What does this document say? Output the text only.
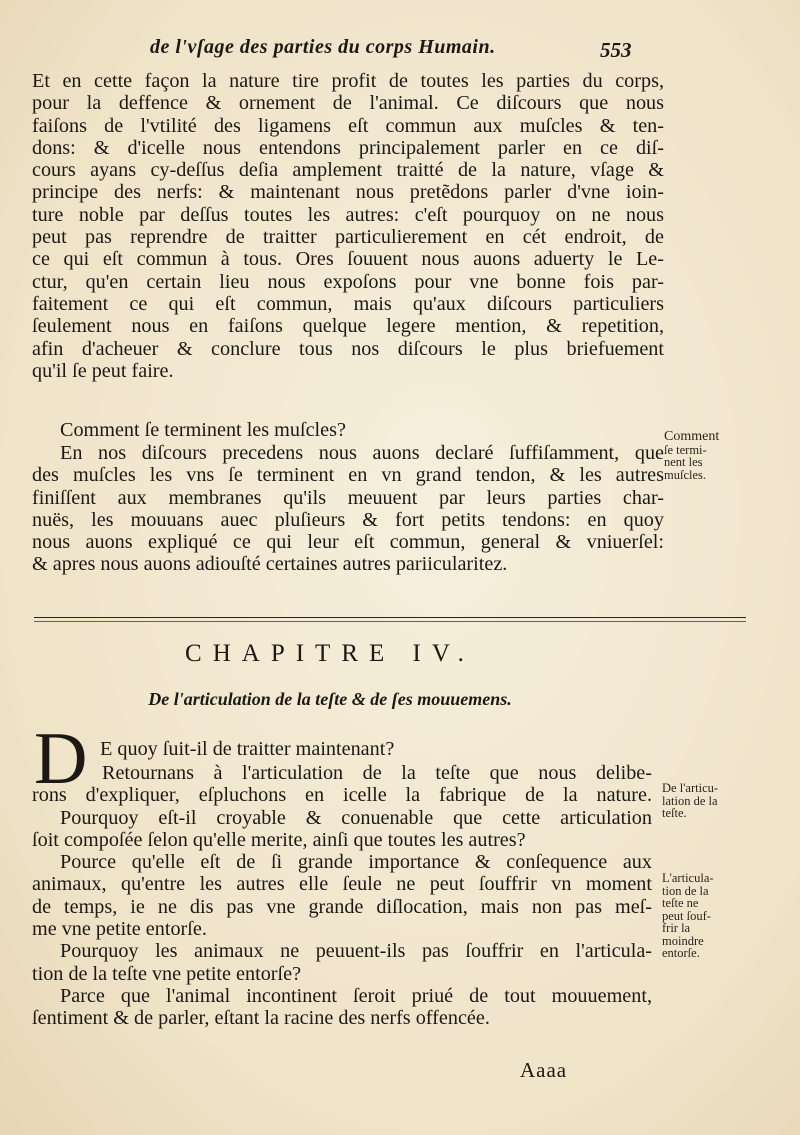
de l'vſage des parties du corps Humain.	553
Et en cette façon la nature tire profit de toutes les parties du corps,
pour la deffence & ornement de l'animal. Ce diſcours que nous
faiſons de l'vtilité des ligamens eſt commun aux muſcles & ten-
dons: & d'icelle nous entendons principalement parler en ce diſ-
cours ayans cy-deſſus deſia amplement traitté de la nature, vſage &
principe des nerfs: & maintenant nous pretẽdons parler d'vne ioin-
ture noble par deſſus toutes les autres: c'eſt pourquoy on ne nous
peut pas reprendre de traitter particulierement en cét endroit, de
ce qui eſt commun à tous. Ores ſouuent nous auons aduerty le Le-
ctur, qu'en certain lieu nous expoſons pour vne bonne fois par-
faitement ce qui eſt commun, mais qu'aux diſcours particuliers
ſeulement nous en faiſons quelque legere mention, & repetition,
afin d'acheuer & conclure tous nos diſcours le plus briefuement
qu'il ſe peut faire.
Comment ſe terminent les muſcles?
En nos diſcours precedens nous auons declaré ſuffiſamment, que
des muſcles les vns ſe terminent en vn grand tendon, & les autres
finiſſent aux membranes qu'ils meuuent par leurs parties char-
nuës, les mouuans auec pluſieurs & fort petits tendons: en quoy
nous auons expliqué ce qui leur eſt commun, general & vniuerſel:
& apres nous auons adiouſté certaines autres pariicularitez.
Comment
ſe termi-
nent les
muſcles.
CHAPITRE IV.
De l'articulation de la teſte & de ſes mouuemens.
D E quoy ſuit-il de traitter maintenant?
Retournans à l'articulation de la teſte que nous delibe-
rons d'expliquer, eſpluchons en icelle la fabrique de la nature.
Pourquoy eſt-il croyable & conuenable que cette articulation
ſoit compoſée ſelon qu'elle merite, ainſi que toutes les autres?
Pource qu'elle eſt de ſi grande importance & conſequence aux
animaux, qu'entre les autres elle ſeule ne peut ſouffrir vn moment
de temps, ie ne dis pas vne grande diſlocation, mais non pas meſ-
me vne petite entorſe.
Pourquoy les animaux ne peuuent-ils pas ſouffrir en l'articula-
tion de la teſte vne petite entorſe?
Parce que l'animal incontinent ſeroit priué de tout mouuement,
ſentiment & de parler, eſtant la racine des nerfs offencée.
De l'articu-
lation de la
teſte.
L'articula-
tion de la
teſte ne
peut ſouf-
frir la
moindre
entorſe.
Aaaa
